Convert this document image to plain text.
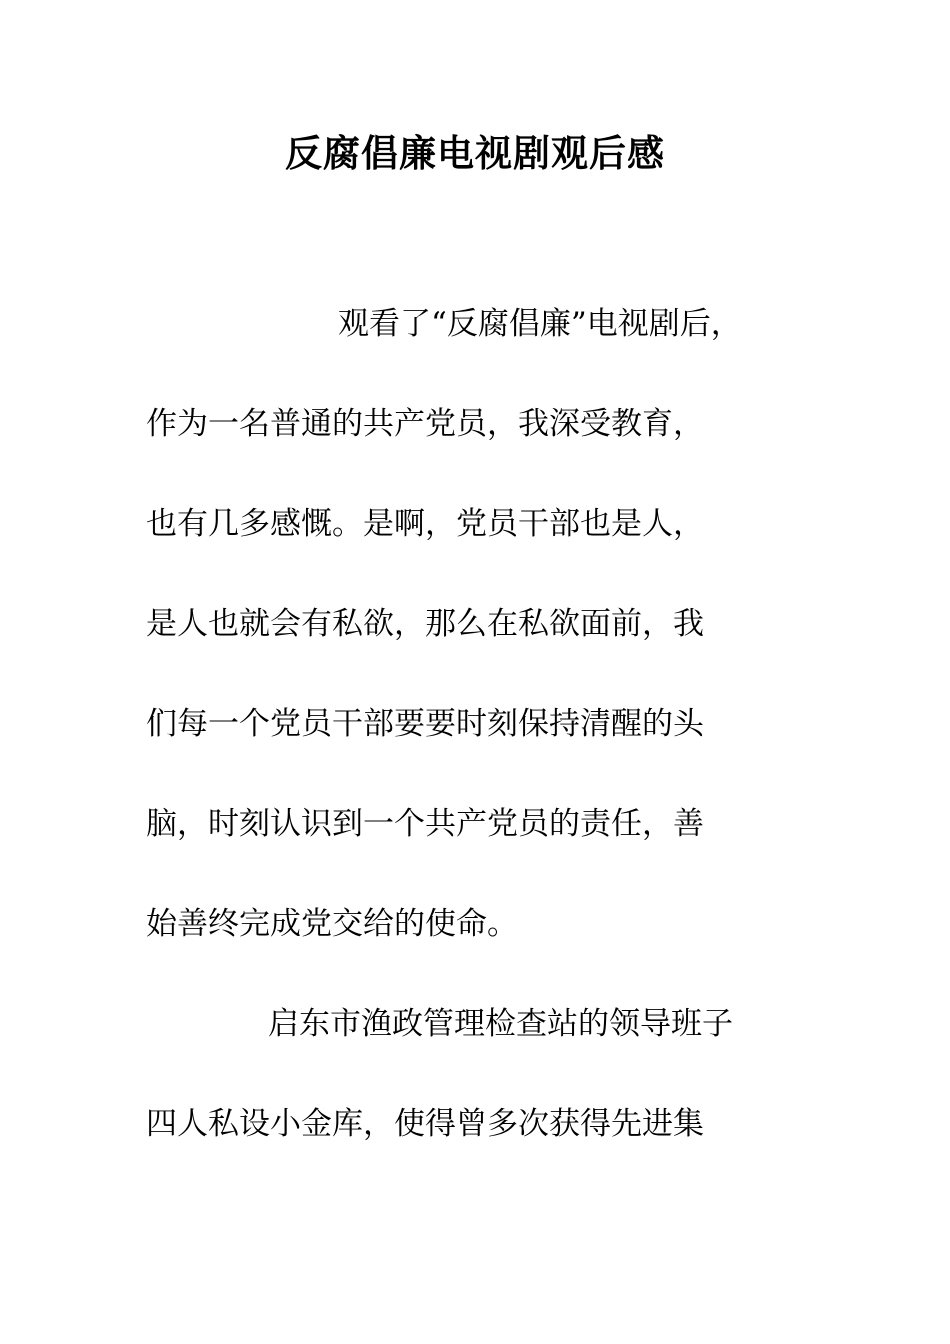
反腐倡廉电视剧观后感

观看了“反腐倡廉”电视剧后，

作为一名普通的共产党员，我深受教育，

也有几多感慨。是啊，党员干部也是人，

是人也就会有私欲，那么在私欲面前，我

们每一个党员干部要要时刻保持清醒的头

脑，时刻认识到一个共产党员的责任，善

始善终完成党交给的使命。

启东市渔政管理检查站的领导班子

四人私设小金库，使得曾多次获得先进集
